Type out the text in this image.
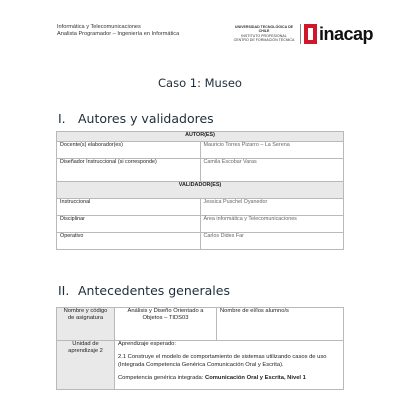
Informática y Telecomunicaciones
Analista Programador – Ingeniería en Informática
UNIVERSIDAD TECNOLÓGICA DE CHILE
INSTITUTO PROFESIONAL
CENTRO DE FORMACIÓN TÉCNICA inacap
Caso 1: Museo
I. Autores y validadores
AUTOR(ES)	
Docente(s) elaborador(es)	Mauricio Torres Pizarro – La Serena
Diseñador Instruccional (si corresponde)	Camila Escobar Varas
VALIDADOR(ES)	
Instruccional	Jessica Puschel Oyanedor
Disciplinar	Área informática y Telecomunicaciones
Operativo	Carlos Dides Far
II. Antecedentes generales
Nombre y código de asignatura	Análisis y Diseño Orientado a Objetos – TIDS03	Nombre de el/los alumno/s
Unidad de aprendizaje 2	Aprendizaje esperado:

2.1 Construye el modelo de comportamiento de sistemas utilizando casos de uso (Integrada Competencia Genérica Comunicación Oral y Escrita).

Competencia genérica integrada: Comunicación Oral y Escrita, Nivel 1	
